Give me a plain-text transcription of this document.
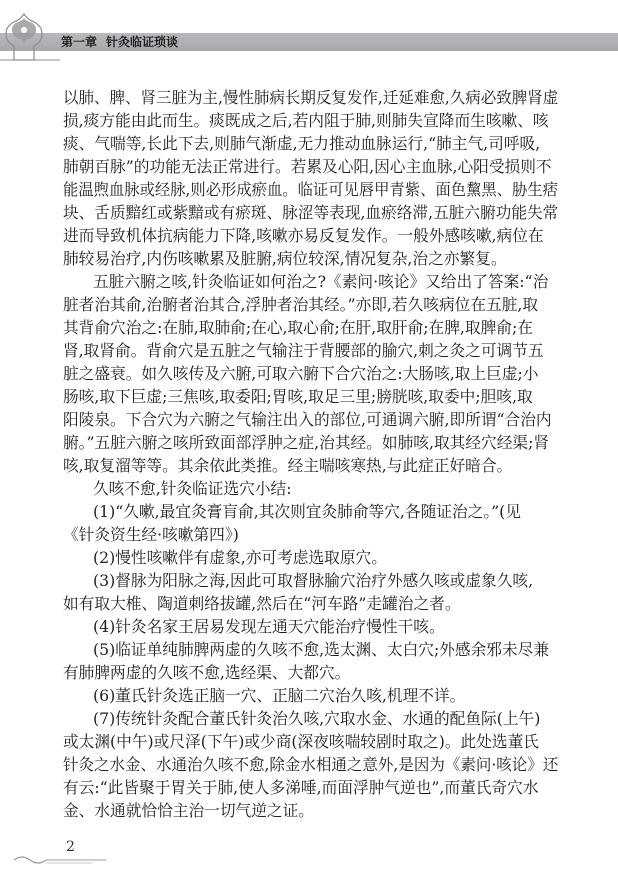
第一章 针灸临证琐谈
以肺、脾、肾三脏为主,慢性肺病长期反复发作,迁延难愈,久病必致脾肾虚
损,痰方能由此而生。痰既成之后,若内阻于肺,则肺失宣降而生咳嗽、咳
痰、气喘等,长此下去,则肺气渐虚,无力推动血脉运行,“肺主气,司呼吸,
肺朝百脉”的功能无法正常进行。若累及心阳,因心主血脉,心阳受损则不
能温煦血脉或经脉,则必形成瘀血。临证可见唇甲青紫、面色黧黑、胁生痞
块、舌质黯红或紫黯或有瘀斑、脉涩等表现,血瘀络滞,五脏六腑功能失常
进而导致机体抗病能力下降,咳嗽亦易反复发作。一般外感咳嗽,病位在
肺较易治疗,内伤咳嗽累及脏腑,病位较深,情况复杂,治之亦繁复。
五脏六腑之咳,针灸临证如何治之?《素问·咳论》又给出了答案:“治
脏者治其俞,治腑者治其合,浮肿者治其经。”亦即,若久咳病位在五脏,取
其背俞穴治之:在肺,取肺俞;在心,取心俞;在肝,取肝俞;在脾,取脾俞;在
肾,取肾俞。背俞穴是五脏之气输注于背腰部的腧穴,刺之灸之可调节五
脏之盛衰。如久咳传及六腑,可取六腑下合穴治之:大肠咳,取上巨虚;小
肠咳,取下巨虚;三焦咳,取委阳;胃咳,取足三里;膀胱咳,取委中;胆咳,取
阳陵泉。下合穴为六腑之气输注出入的部位,可通调六腑,即所谓“合治内
腑。”五脏六腑之咳所致面部浮肿之症,治其经。如肺咳,取其经穴经渠;肾
咳,取复溜等等。其余依此类推。经主喘咳寒热,与此症正好暗合。
久咳不愈,针灸临证选穴小结:
(1)“久嗽,最宜灸膏肓俞,其次则宜灸肺俞等穴,各随证治之。”(见
《针灸资生经·咳嗽第四》)
(2)慢性咳嗽伴有虚象,亦可考虑选取原穴。
(3)督脉为阳脉之海,因此可取督脉腧穴治疗外感久咳或虚象久咳,
如有取大椎、陶道刺络拔罐,然后在“河车路”走罐治之者。
(4)针灸名家王居易发现左通天穴能治疗慢性干咳。
(5)临证单纯肺脾两虚的久咳不愈,选太渊、太白穴;外感余邪未尽兼
有肺脾两虚的久咳不愈,选经渠、大都穴。
(6)董氏针灸选正脑一穴、正脑二穴治久咳,机理不详。
(7)传统针灸配合董氏针灸治久咳,穴取水金、水通的配鱼际(上午)
或太渊(中午)或尺泽(下午)或少商(深夜咳喘较剧时取之)。此处选董氏
针灸之水金、水通治久咳不愈,除金水相通之意外,是因为《素问·咳论》还
有云:“此皆聚于胃关于肺,使人多涕唾,而面浮肿气逆也”,而董氏奇穴水
金、水通就恰恰主治一切气逆之证。
2
